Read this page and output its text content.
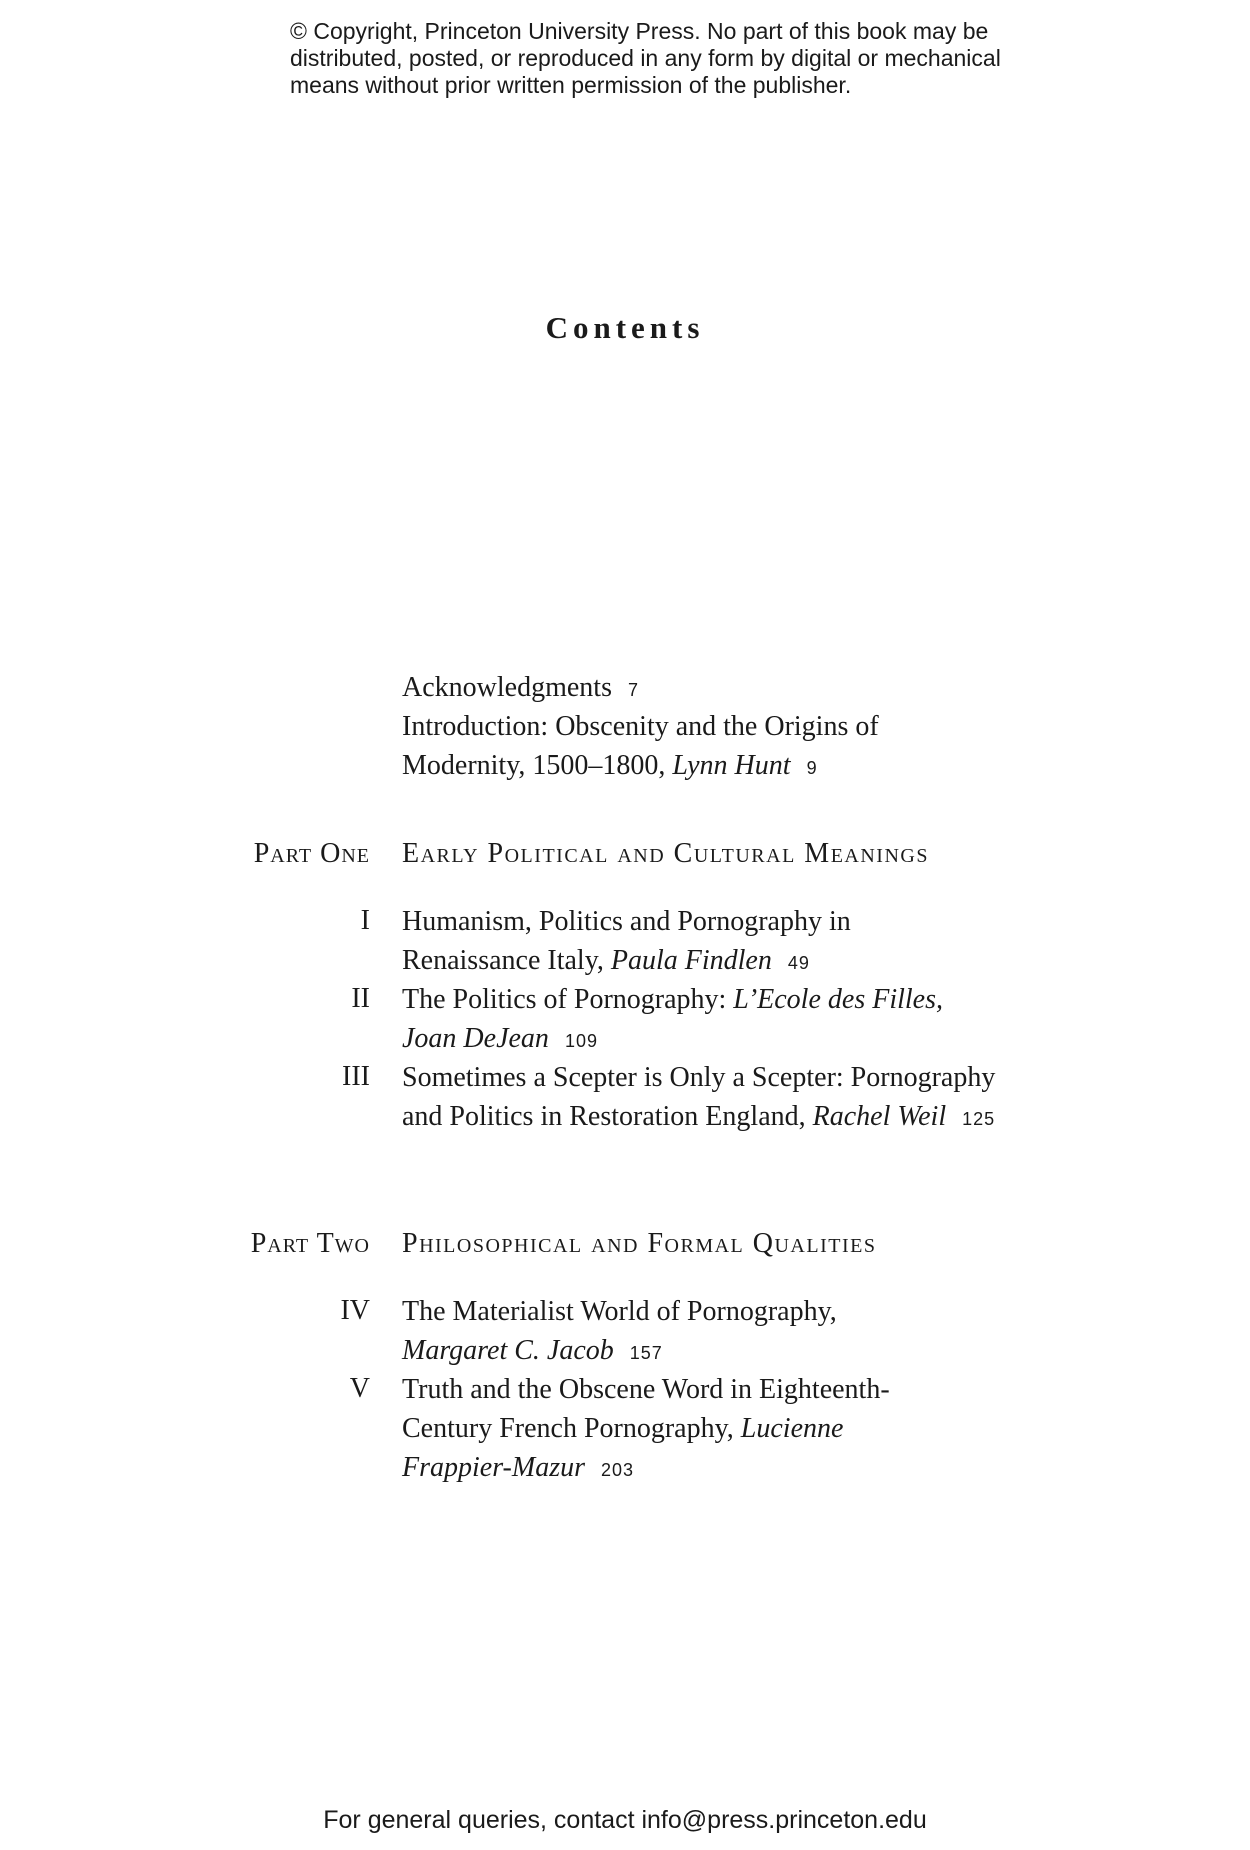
© Copyright, Princeton University Press. No part of this book may be distributed, posted, or reproduced in any form by digital or mechanical means without prior written permission of the publisher.
Contents
Acknowledgments 7
Introduction: Obscenity and the Origins of Modernity, 1500–1800, Lynn Hunt 9
Part One Early Political and Cultural Meanings
I Humanism, Politics and Pornography in Renaissance Italy, Paula Findlen 49
II The Politics of Pornography: L’Ecole des Filles,
Joan DeJean 109
III Sometimes a Scepter is Only a Scepter: Pornography and Politics in Restoration England, Rachel Weil 125
Part Two Philosophical and Formal Qualities
IV The Materialist World of Pornography, Margaret C. Jacob 157
V Truth and the Obscene Word in Eighteenth-Century French Pornography, Lucienne Frappier-Mazur 203
For general queries, contact info@press.princeton.edu
